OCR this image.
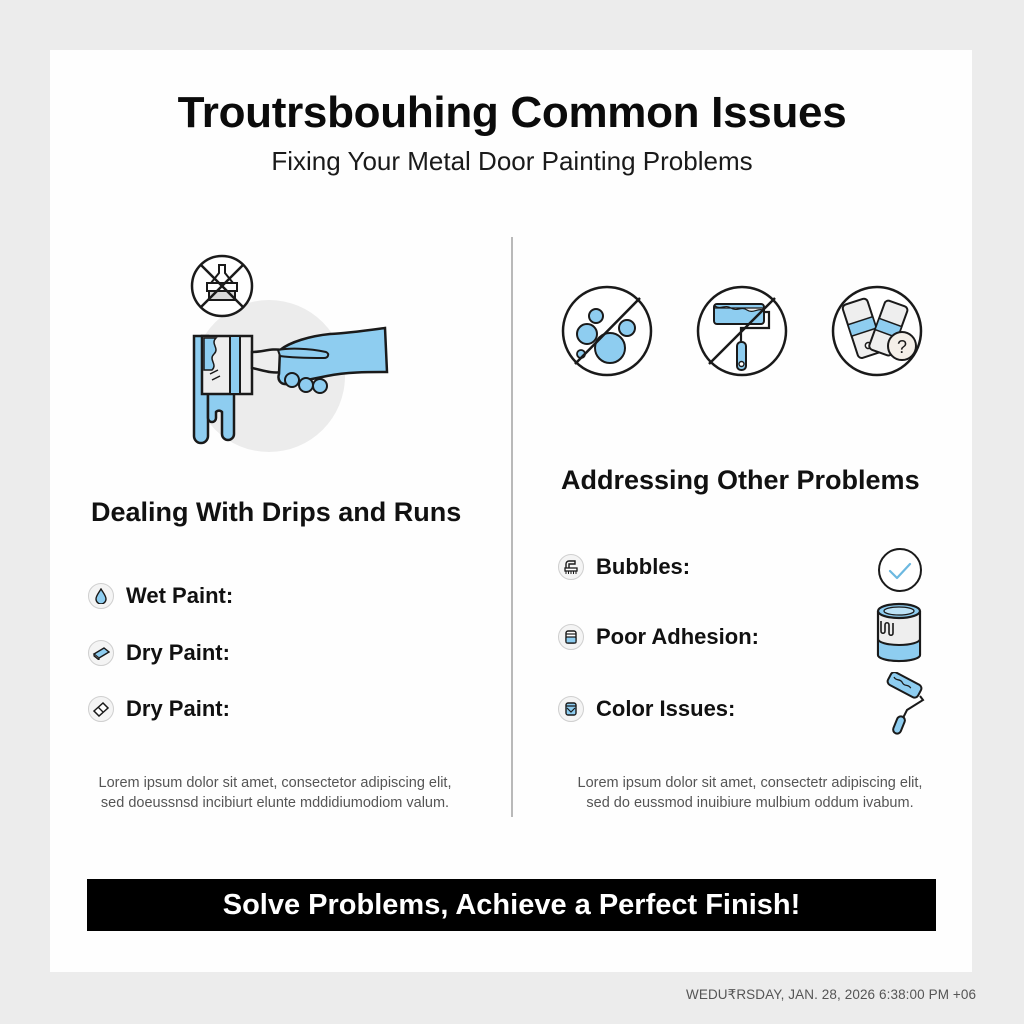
Troutrsbouhing Common Issues

Fixing Your Metal Door Painting Problems

Dealing With Drips and Runs
Wet Paint:
Dry Paint:
Dry Paint:
Lorem ipsum dolor sit amet, consectetor adipiscing elit,
sed doeussnsd incibiurt elunte mddidiumodiom valum.
?
Addressing Other Problems
Bubbles:
Poor Adhesion:
Color Issues:
Lorem ipsum dolor sit amet, consectetr adipiscing elit,
sed do eussmod inuibiure mulbium oddum ivabum.
Solve Problems, Achieve a Perfect Finish!
WEDU₹RSDAY, JAN. 28, 2026 6:38:00 PM +06
